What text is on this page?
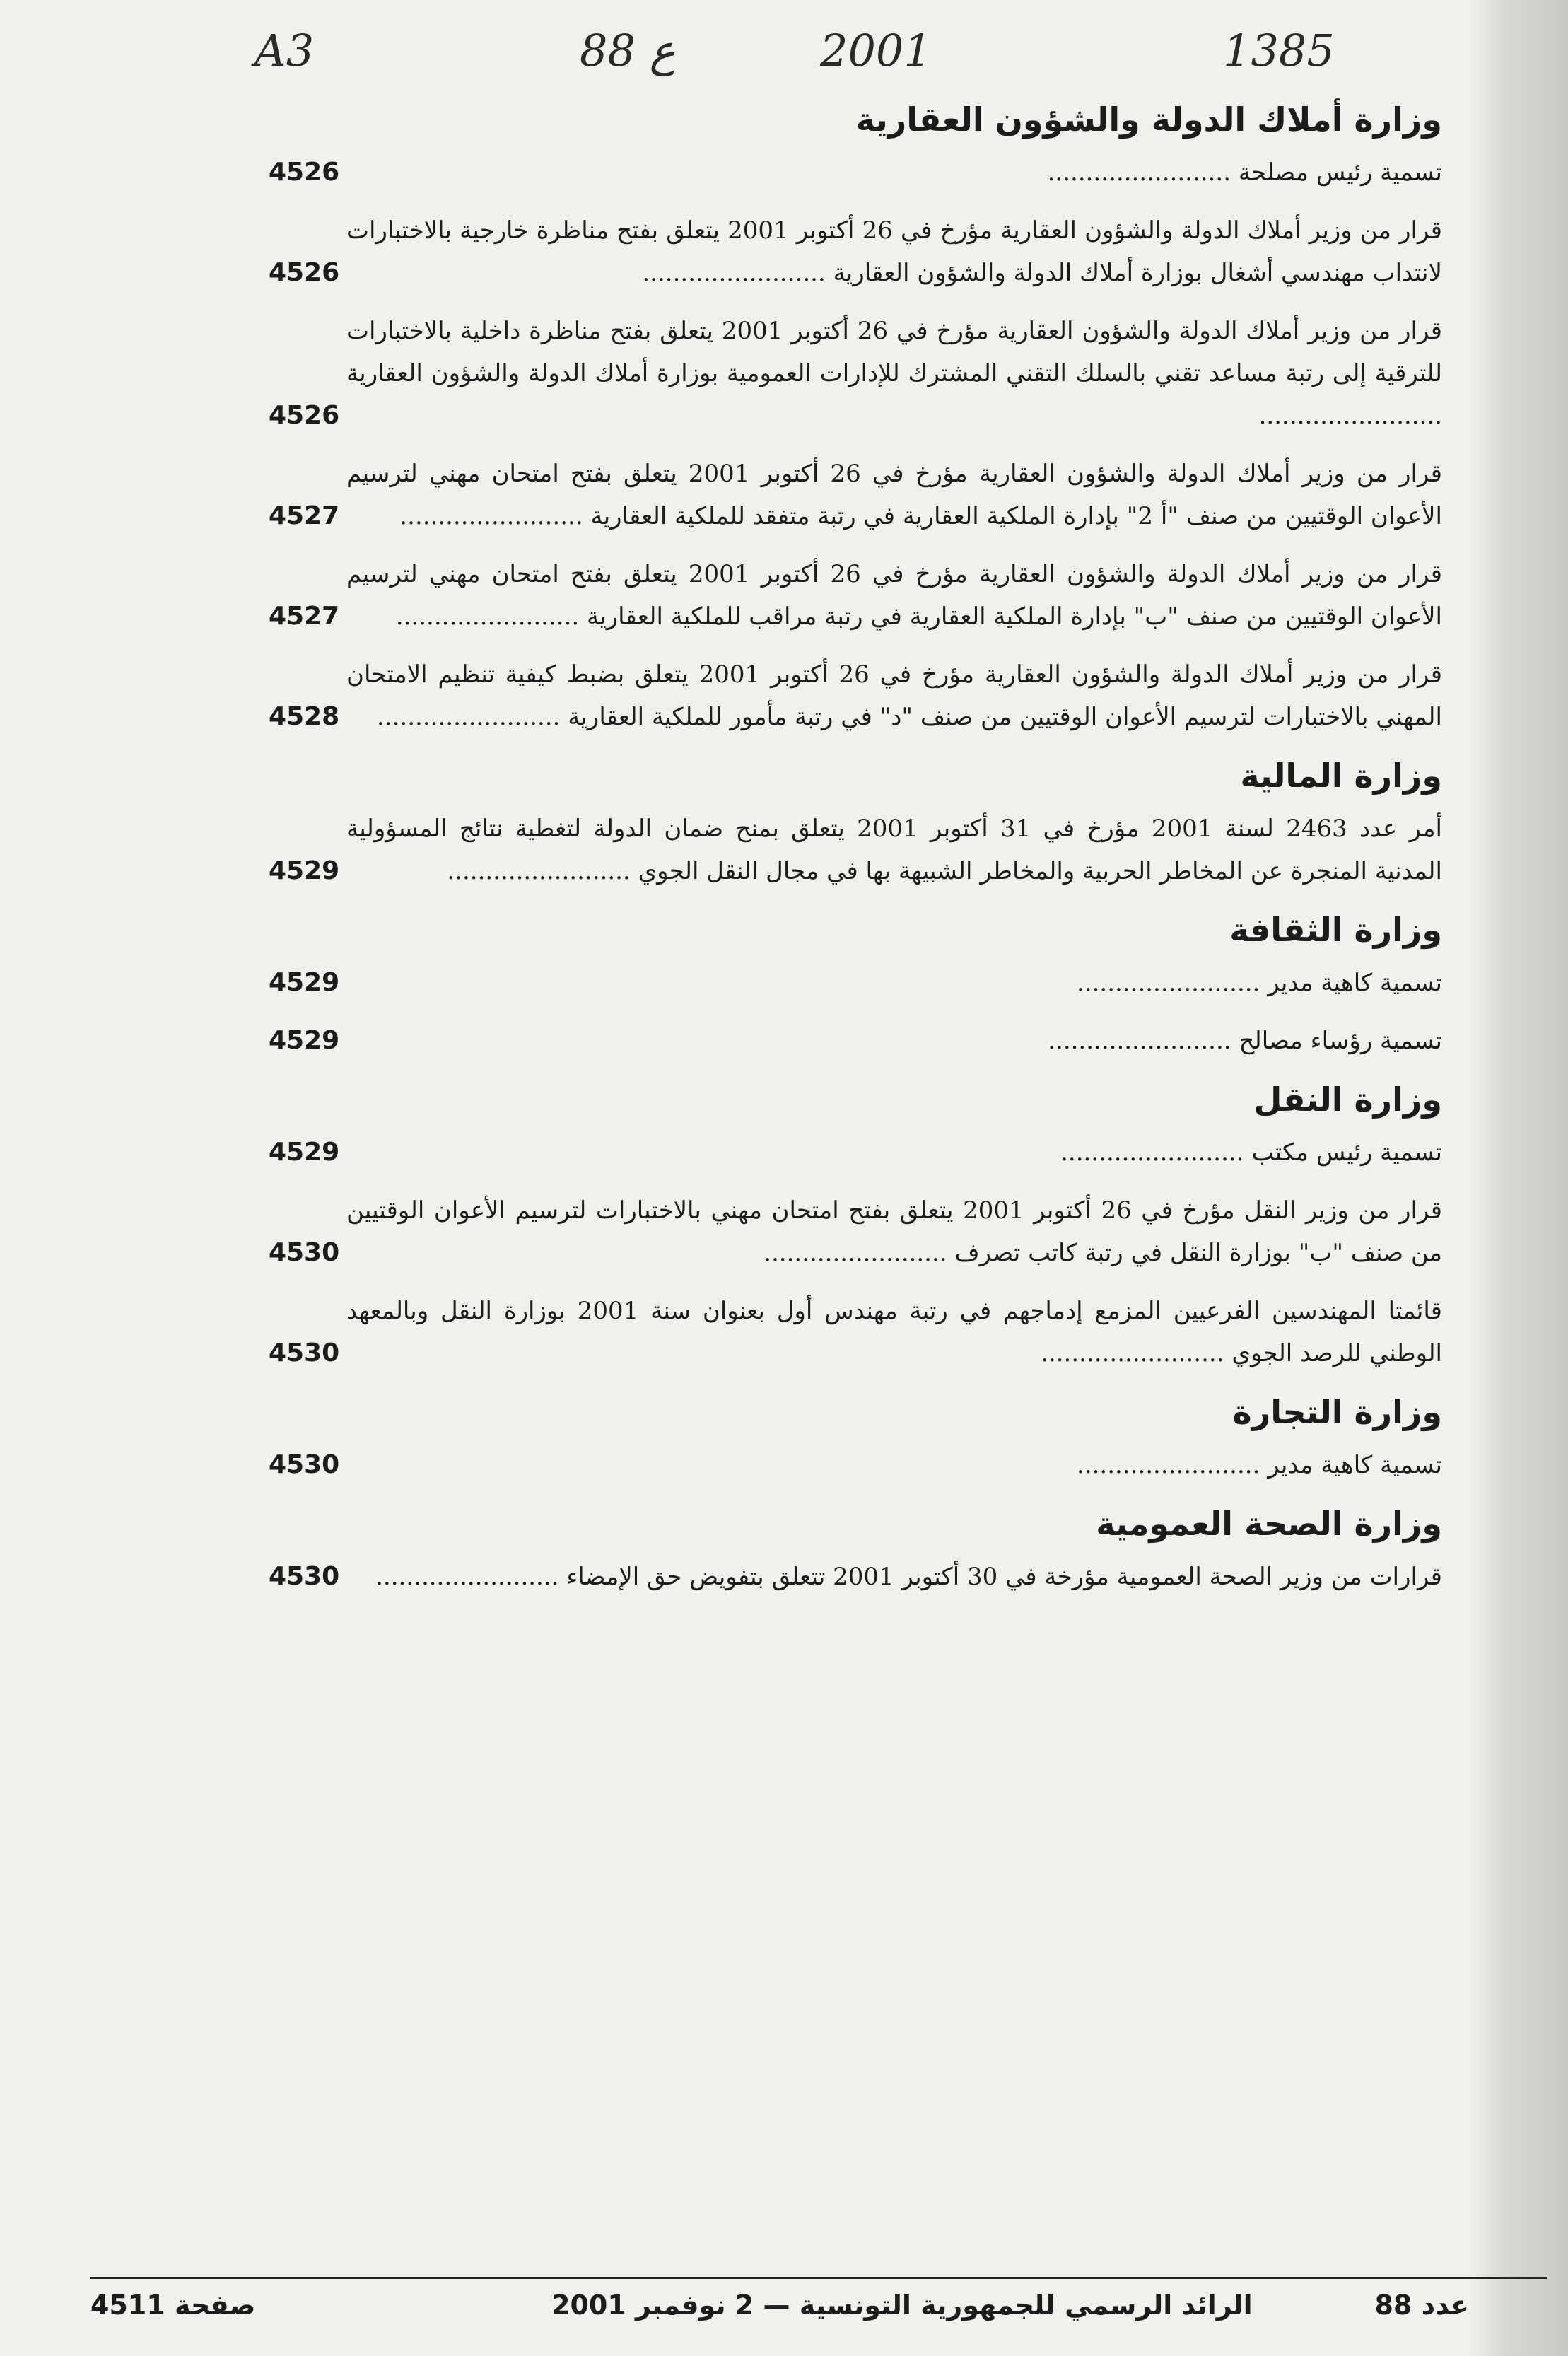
A3	88 ع	2001	1385
وزارة أملاك الدولة والشؤون العقارية
تسمية رئيس مصلحة ........................
4526
قرار من وزير أملاك الدولة والشؤون العقارية مؤرخ في 26 أكتوبر 2001 يتعلق بفتح مناظرة خارجية بالاختبارات لانتداب مهندسي أشغال بوزارة أملاك الدولة والشؤون العقارية ........................
4526
قرار من وزير أملاك الدولة والشؤون العقارية مؤرخ في 26 أكتوبر 2001 يتعلق بفتح مناظرة داخلية بالاختبارات للترقية إلى رتبة مساعد تقني بالسلك التقني المشترك للإدارات العمومية بوزارة أملاك الدولة والشؤون العقارية ........................
4526
قرار من وزير أملاك الدولة والشؤون العقارية مؤرخ في 26 أكتوبر 2001 يتعلق بفتح امتحان مهني لترسيم الأعوان الوقتيين من صنف "أ 2" بإدارة الملكية العقارية في رتبة متفقد للملكية العقارية ........................
4527
قرار من وزير أملاك الدولة والشؤون العقارية مؤرخ في 26 أكتوبر 2001 يتعلق بفتح امتحان مهني لترسيم الأعوان الوقتيين من صنف "ب" بإدارة الملكية العقارية في رتبة مراقب للملكية العقارية ........................
4527
قرار من وزير أملاك الدولة والشؤون العقارية مؤرخ في 26 أكتوبر 2001 يتعلق بضبط كيفية تنظيم الامتحان المهني بالاختبارات لترسيم الأعوان الوقتيين من صنف "د" في رتبة مأمور للملكية العقارية ........................
4528
وزارة المالية
أمر عدد 2463 لسنة 2001 مؤرخ في 31 أكتوبر 2001 يتعلق بمنح ضمان الدولة لتغطية نتائج المسؤولية المدنية المنجرة عن المخاطر الحربية والمخاطر الشبيهة بها في مجال النقل الجوي ........................
4529
وزارة الثقافة
تسمية كاهية مدير ........................
4529
تسمية رؤساء مصالح ........................
4529
وزارة النقل
تسمية رئيس مكتب ........................
4529
قرار من وزير النقل مؤرخ في 26 أكتوبر 2001 يتعلق بفتح امتحان مهني بالاختبارات لترسيم الأعوان الوقتيين من صنف "ب" بوزارة النقل في رتبة كاتب تصرف ........................
4530
قائمتا المهندسين الفرعيين المزمع إدماجهم في رتبة مهندس أول بعنوان سنة 2001 بوزارة النقل وبالمعهد الوطني للرصد الجوي ........................
4530
وزارة التجارة
تسمية كاهية مدير ........................
4530
وزارة الصحة العمومية
قرارات من وزير الصحة العمومية مؤرخة في 30 أكتوبر 2001 تتعلق بتفويض حق الإمضاء ........................
4530
صفحة 4511	الرائد الرسمي للجمهورية التونسية — 2 نوفمبر 2001	عدد 88
